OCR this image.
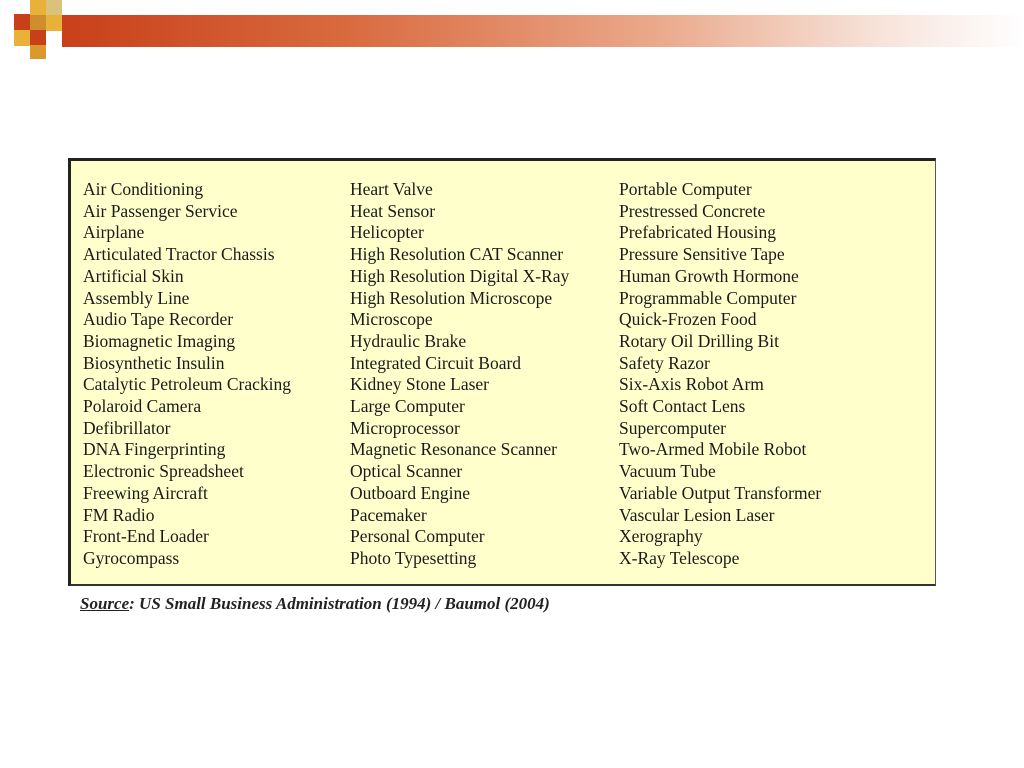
Air Conditioning
Air Passenger Service
Airplane
Articulated Tractor Chassis
Artificial Skin
Assembly Line
Audio Tape Recorder
Biomagnetic Imaging
Biosynthetic Insulin
Catalytic Petroleum Cracking
Polaroid Camera
Defibrillator
DNA Fingerprinting
Electronic Spreadsheet
Freewing Aircraft
FM Radio
Front-End Loader
Gyrocompass
Heart Valve
Heat Sensor
Helicopter
High Resolution CAT Scanner
High Resolution Digital X-Ray
High Resolution Microscope
Microscope
Hydraulic Brake
Integrated Circuit Board
Kidney Stone Laser
Large Computer
Microprocessor
Magnetic Resonance Scanner
Optical Scanner
Outboard Engine
Pacemaker
Personal Computer
Photo Typesetting
Portable Computer
Prestressed Concrete
Prefabricated Housing
Pressure Sensitive Tape
Human Growth Hormone
Programmable Computer
Quick-Frozen Food
Rotary Oil Drilling Bit
Safety Razor
Six-Axis Robot Arm
Soft Contact Lens
Supercomputer
Two-Armed Mobile Robot
Vacuum Tube
Variable Output Transformer
Vascular Lesion Laser
Xerography
X-Ray Telescope
Source: US Small Business Administration (1994) / Baumol (2004)
